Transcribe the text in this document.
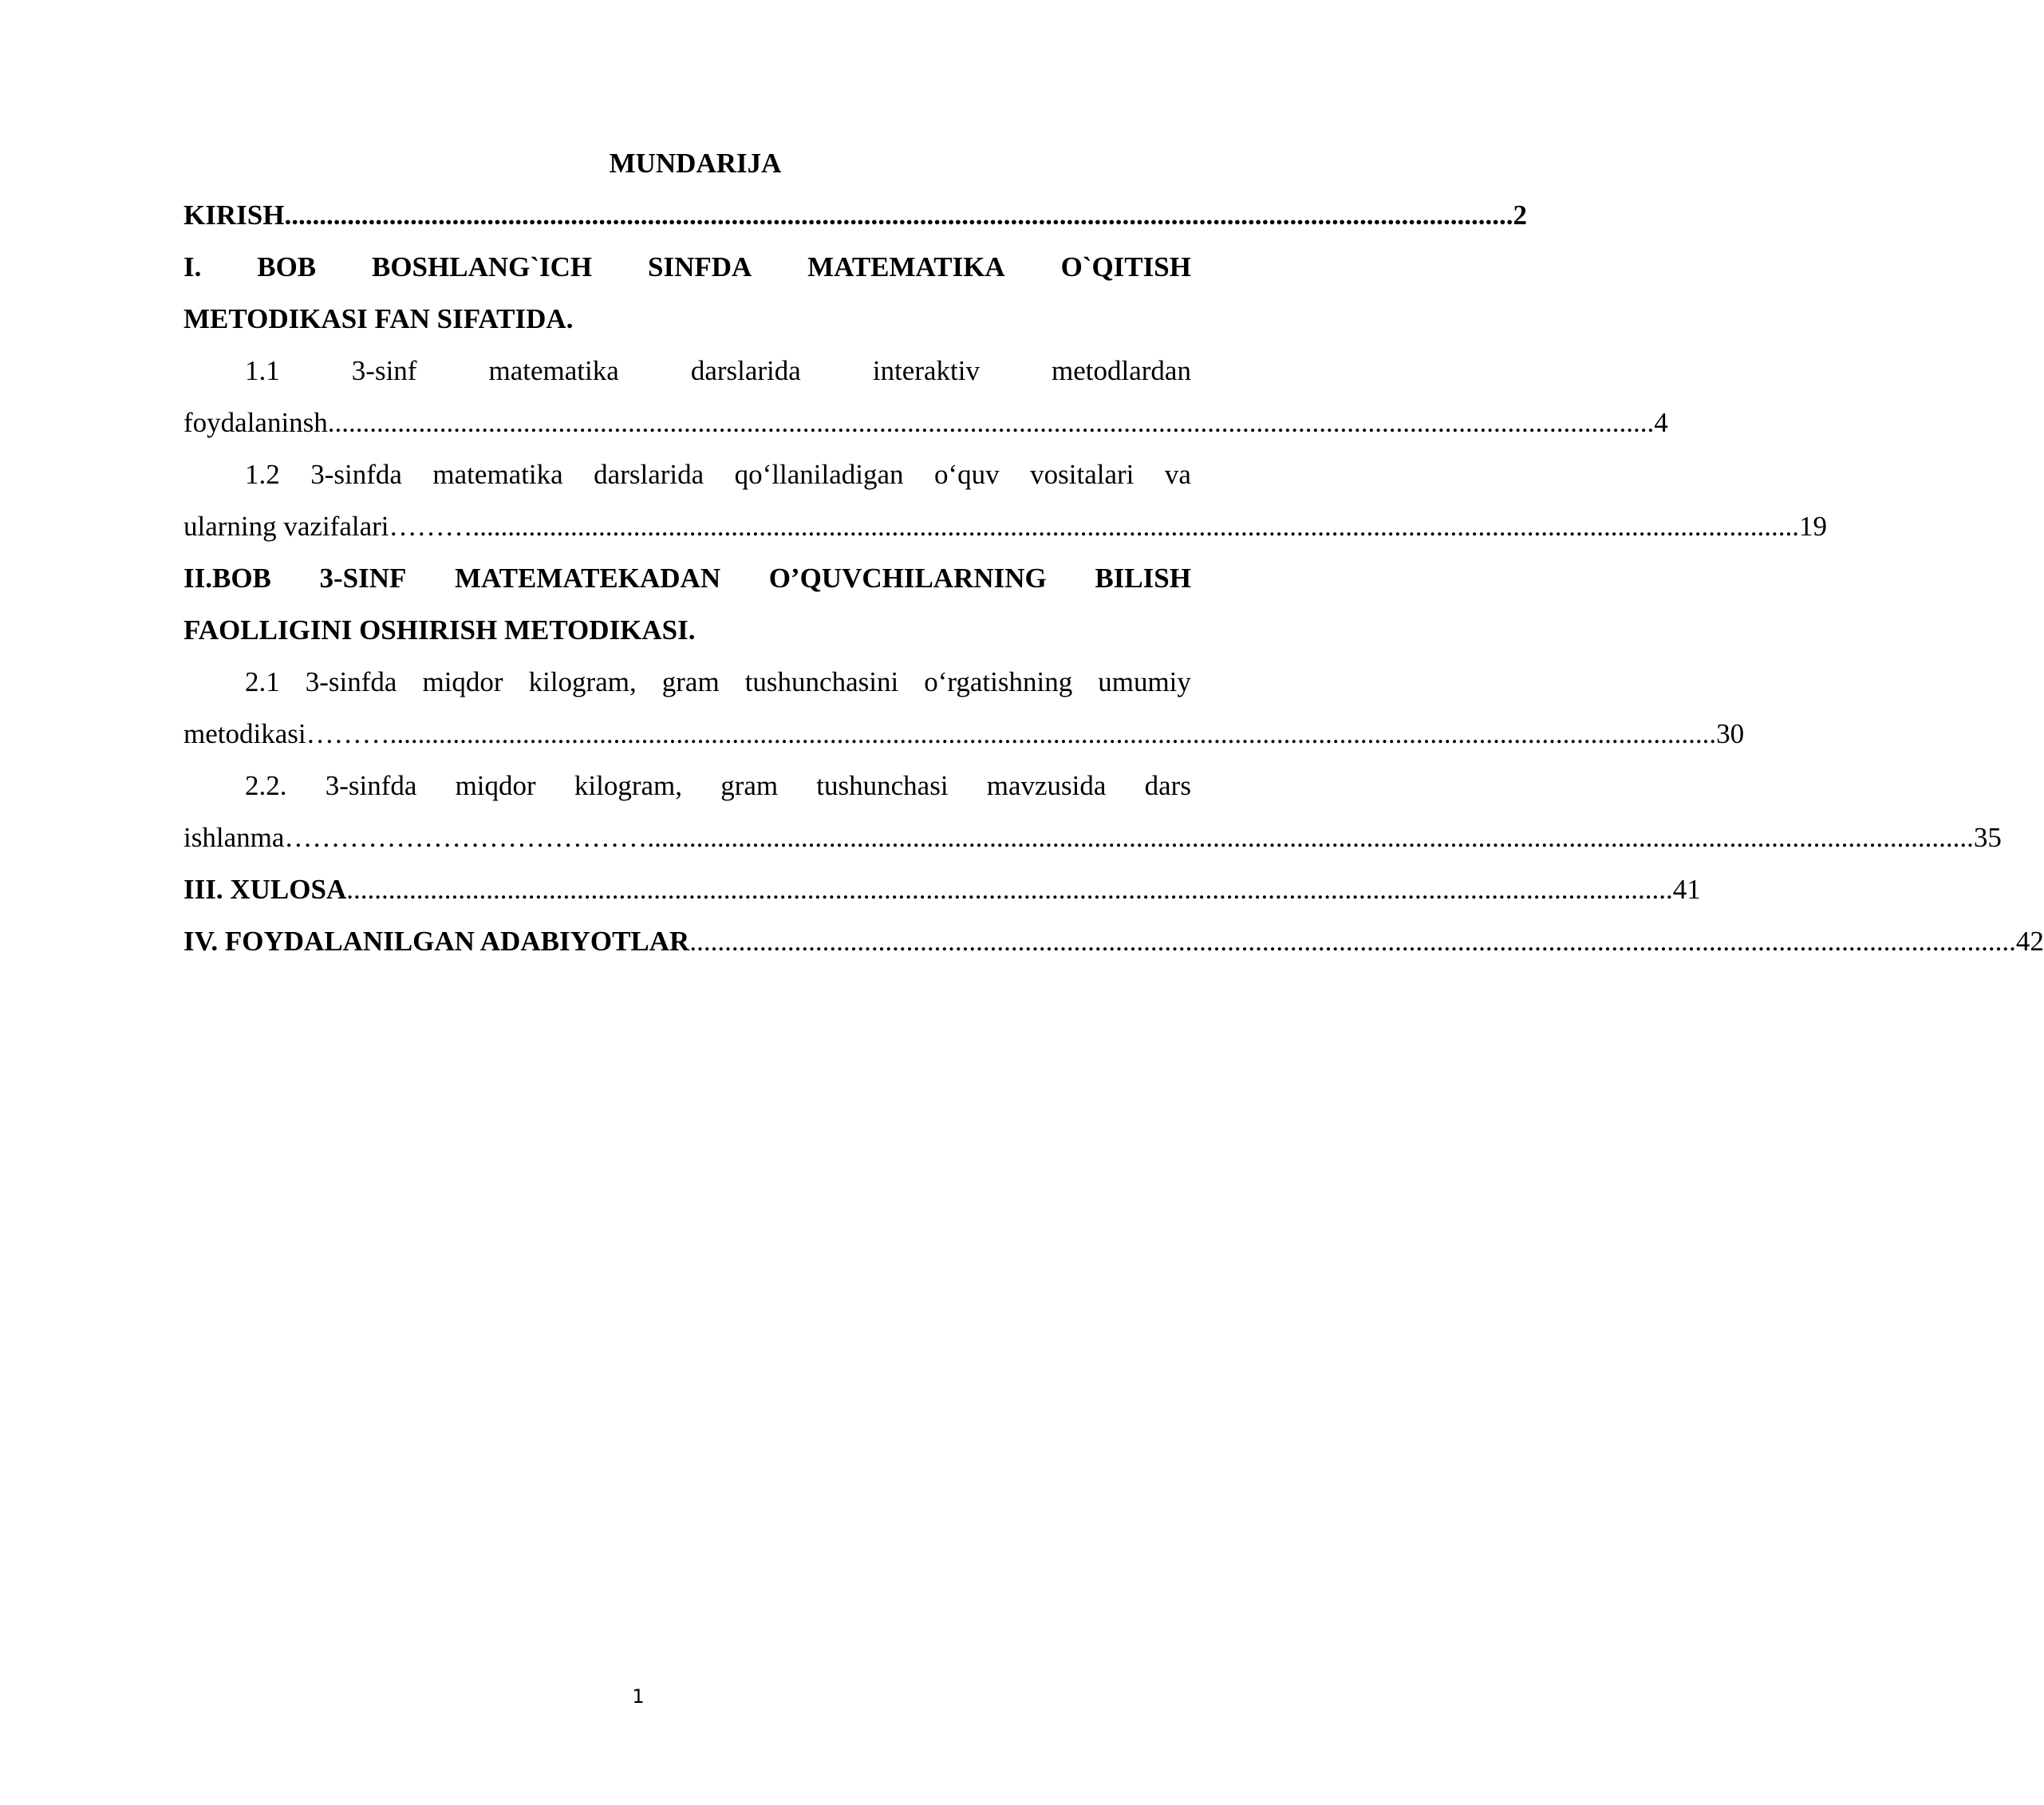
MUNDARIJA
KIRISH ................................................................................................................................................................................ 2
I. BOB BOSHLANG`ICH SINFDA MATEMATIKA O`QITISH
METODIKASI FAN SIFATIDA.
1.1	3-sinf	matematika	darslarida	interaktiv	metodlardan
foydalaninsh .............................................................................................................................................................................................. 4
1.2 3-sinfda matematika darslarida qo‘llaniladigan o‘quv vositalari va
ularning vazifalari……… .............................................................................................................................................................................................. 19
II.BOB 3-SINF MATEMATEKADAN O’QUVCHILARNING BILISH
FAOLLIGINI OSHIRISH METODIKASI.
2.1 3-sinfda miqdor kilogram, gram tushunchasini o‘rgatishning umumiy
metodikasi……… .............................................................................................................................................................................................. 30
2.2. 3-sinfda miqdor kilogram, gram tushunchasi mavzusida dars
ishlanma………………………………… .............................................................................................................................................................................................. 35
III. XULOSA .............................................................................................................................................................................................. 41
IV. FOYDALANILGAN ADABIYOTLAR .............................................................................................................................................................................................. 42
1
